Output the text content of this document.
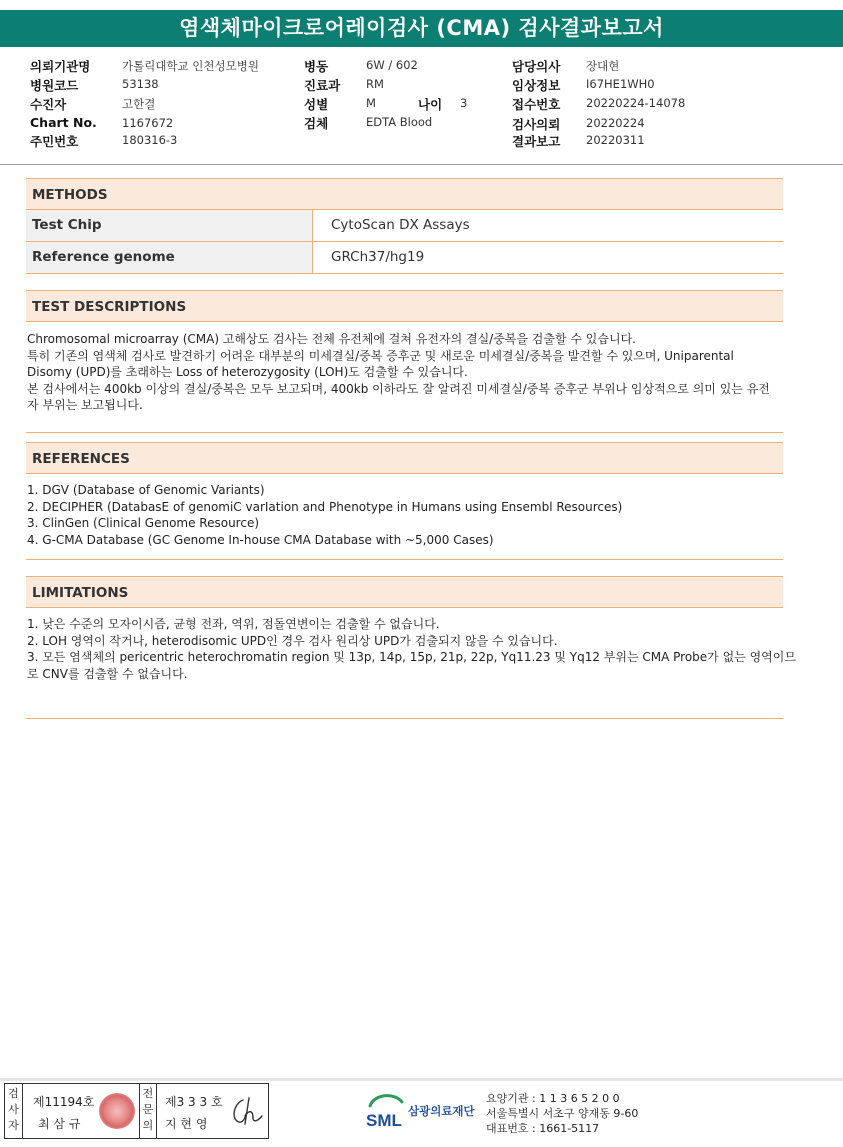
염색체마이크로어레이검사 (CMA) 검사결과보고서
의뢰기관명	가톨릭대학교 인천성모병원
병원코드	53138
수진자	고한결
Chart No. 1167672
주민번호	180316-3
병동	6W / 602
진료과 RM
성별	M	나이 3
검체	EDTA Blood
담당의사 장대현
임상정보 I67HE1WH0
접수번호 20220224-14078
검사의뢰 20220224
결과보고 20220311
METHODS
Test Chip	CytoScan DX Assays
Reference genome	GRCh37/hg19
TEST DESCRIPTIONS
Chromosomal microarray (CMA) 고해상도 검사는 전체 유전체에 걸쳐 유전자의 결실/중복을 검출할 수 있습니다.
특히 기존의 염색체 검사로 발견하기 어려운 대부분의 미세결실/중복 증후군 및 새로운 미세결실/중복을 발견할 수 있으며, Uniparental
Disomy (UPD)를 초래하는 Loss of heterozygosity (LOH)도 검출할 수 있습니다.
본 검사에서는 400kb 이상의 결실/중복은 모두 보고되며, 400kb 이하라도 잘 알려진 미세결실/중복 증후군 부위나 임상적으로 의미 있는 유전
자 부위는 보고됩니다.
REFERENCES
1. DGV (Database of Genomic Variants)
2. DECIPHER (DatabasE of genomiC varIation and Phenotype in Humans using Ensembl Resources)
3. ClinGen (Clinical Genome Resource)
4. G-CMA Database (GC Genome In-house CMA Database with ~5,000 Cases)
LIMITATIONS
1. 낮은 수준의 모자이시즘, 균형 전좌, 역위, 점돌연변이는 검출할 수 없습니다.
2. LOH 영역이 작거나, heterodisomic UPD인 경우 검사 원리상 UPD가 검출되지 않을 수 있습니다.
3. 모든 염색체의 pericentric heterochromatin region 및 13p, 14p, 15p, 21p, 22p, Yq11.23 및 Yq12 부위는 CMA Probe가 없는 영역이므
로 CNV를 검출할 수 없습니다.
검사자
제11194호
최 삼 규
전문의
제3 3 3 호
지 현 영	SML 삼광의료재단
요양기관 : 1 1 3 6 5 2 0 0
서울특별시 서초구 양재동 9-60
대표번호 : 1661-5117
